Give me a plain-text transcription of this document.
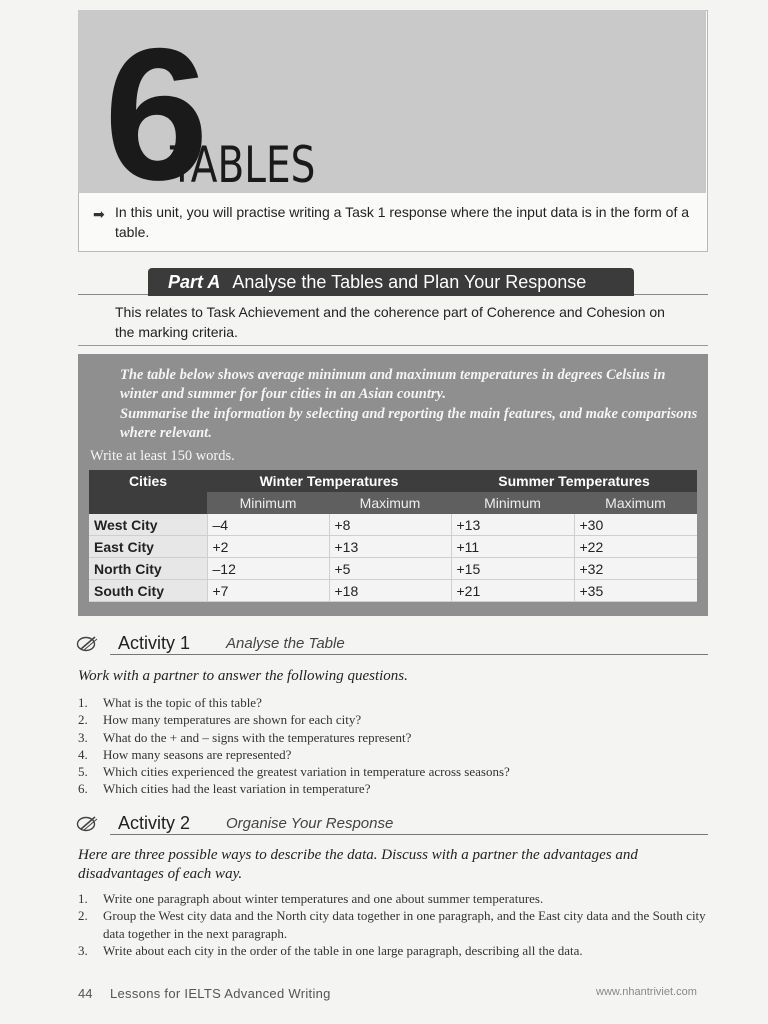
6
TABLES
➡ In this unit, you will practise writing a Task 1 response where the input data is in the form of a table.
Part A Analyse the Tables and Plan Your Response
This relates to Task Achievement and the coherence part of Coherence and Cohesion on the marking criteria.
The table below shows average minimum and maximum temperatures in degrees Celsius in winter and summer for four cities in an Asian country.
Summarise the information by selecting and reporting the main features, and make comparisons where relevant.
Write at least 150 words.
Cities	Winter Temperatures		Summer Temperatures	
	Minimum	Maximum	Minimum	Maximum
West City	–4	+8	+13	+30
East City	+2	+13	+11	+22
North City	–12	+5	+15	+32
South City	+7	+18	+21	+35
Activity 1 Analyse the Table
Work with a partner to answer the following questions.
1. What is the topic of this table?
2. How many temperatures are shown for each city?
3. What do the + and – signs with the temperatures represent?
4. How many seasons are represented?
5. Which cities experienced the greatest variation in temperature across seasons?
6. Which cities had the least variation in temperature?
Activity 2 Organise Your Response
Here are three possible ways to describe the data. Discuss with a partner the advantages and disadvantages of each way.
1. Write one paragraph about winter temperatures and one about summer temperatures.
2. Group the West city data and the North city data together in one paragraph, and the East city data and the South city data together in the next paragraph.
3. Write about each city in the order of the table in one large paragraph, describing all the data.
44 Lessons for IELTS Advanced Writing	www.nhantriviet.com
